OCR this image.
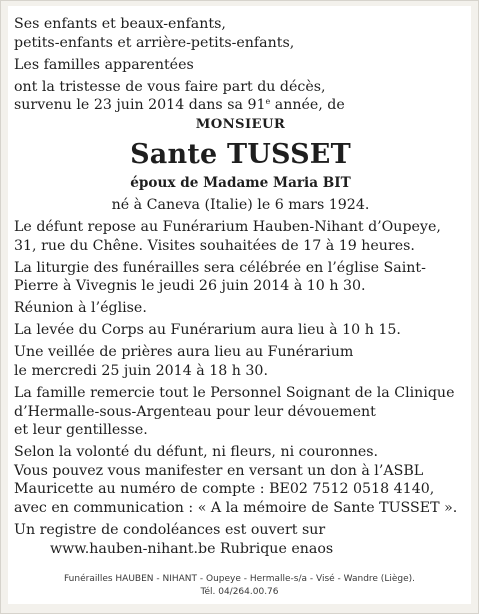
Ses enfants et beaux-enfants,
petits-enfants et arrière-petits-enfants,

Les familles apparentées

ont la tristesse de vous faire part du décès,
survenu le 23 juin 2014 dans sa 91e année, de

MONSIEUR

Sante TUSSET

époux de Madame Maria BIT

né à Caneva (Italie) le 6 mars 1924.

Le défunt repose au Funérarium Hauben-Nihant d’Oupeye,
31, rue du Chêne. Visites souhaitées de 17 à 19 heures.

La liturgie des funérailles sera célébrée en l’église Saint-
Pierre à Vivegnis le jeudi 26 juin 2014 à 10 h 30.

Réunion à l’église.

La levée du Corps au Funérarium aura lieu à 10 h 15.

Une veillée de prières aura lieu au Funérarium
le mercredi 25 juin 2014 à 18 h 30.

La famille remercie tout le Personnel Soignant de la Clinique
d’Hermalle-sous-Argenteau pour leur dévouement
et leur gentillesse.

Selon la volonté du défunt, ni fleurs, ni couronnes.
Vous pouvez vous manifester en versant un don à l’ASBL
Mauricette au numéro de compte : BE02 7512 0518 4140,
avec en communication : « A la mémoire de Sante TUSSET ».

Un registre de condoléances est ouvert sur
www.hauben-nihant.be Rubrique enaos

Funérailles HAUBEN - NIHANT - Oupeye - Hermalle-s/a - Visé - Wandre (Liège).
Tél. 04/264.00.76
